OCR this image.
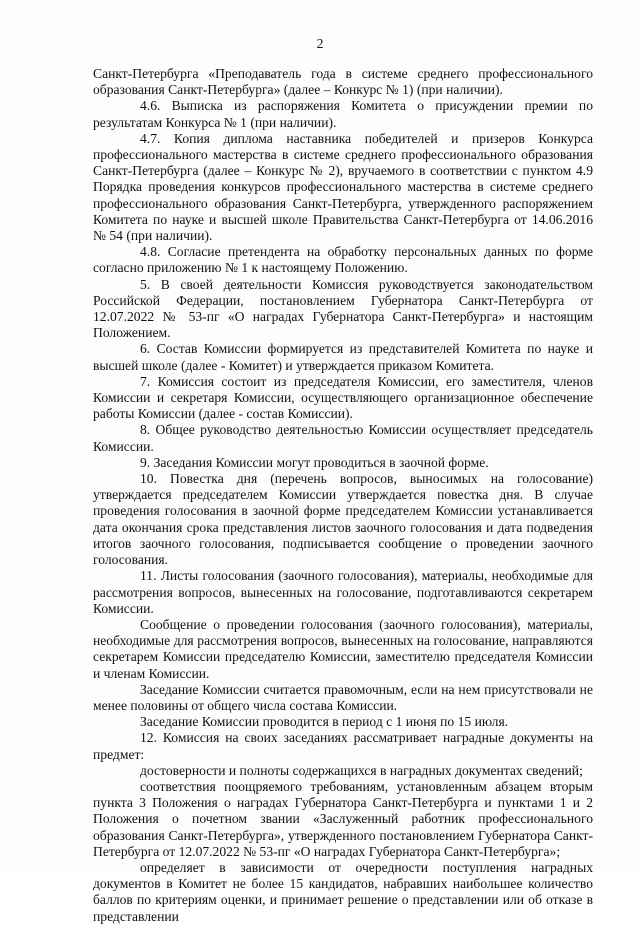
2

Санкт-Петербурга «Преподаватель года в системе среднего профессионального образования Санкт-Петербурга» (далее – Конкурс № 1) (при наличии).

4.6. Выписка из распоряжения Комитета о присуждении премии по результатам Конкурса № 1 (при наличии).

4.7. Копия диплома наставника победителей и призеров Конкурса профессионального мастерства в системе среднего профессионального образования Санкт-Петербурга (далее – Конкурс № 2), вручаемого в соответствии с пунктом 4.9 Порядка проведения конкурсов профессионального мастерства в системе среднего профессионального образования Санкт-Петербурга, утвержденного распоряжением Комитета по науке и высшей школе Правительства Санкт-Петербурга от 14.06.2016 № 54 (при наличии).

4.8. Согласие претендента на обработку персональных данных по форме согласно приложению № 1 к настоящему Положению.

5. В своей деятельности Комиссия руководствуется законодательством Российской Федерации, постановлением Губернатора Санкт-Петербурга от 12.07.2022 № 53-пг «О наградах Губернатора Санкт-Петербурга» и настоящим Положением.

6. Состав Комиссии формируется из представителей Комитета по науке и высшей школе (далее - Комитет) и утверждается приказом Комитета.

7. Комиссия состоит из председателя Комиссии, его заместителя, членов Комиссии и секретаря Комиссии, осуществляющего организационное обеспечение работы Комиссии (далее - состав Комиссии).

8. Общее руководство деятельностью Комиссии осуществляет председатель Комиссии.

9. Заседания Комиссии могут проводиться в заочной форме.

10. Повестка дня (перечень вопросов, выносимых на голосование) утверждается председателем Комиссии утверждается повестка дня. В случае проведения голосования в заочной форме председателем Комиссии устанавливается дата окончания срока представления листов заочного голосования и дата подведения итогов заочного голосования, подписывается сообщение о проведении заочного голосования.

11. Листы голосования (заочного голосования), материалы, необходимые для рассмотрения вопросов, вынесенных на голосование, подготавливаются секретарем Комиссии.

Сообщение о проведении голосования (заочного голосования), материалы, необходимые для рассмотрения вопросов, вынесенных на голосование, направляются секретарем Комиссии председателю Комиссии, заместителю председателя Комиссии и членам Комиссии.

Заседание Комиссии считается правомочным, если на нем присутствовали не менее половины от общего числа состава Комиссии.

Заседание Комиссии проводится в период с 1 июня по 15 июля.

12. Комиссия на своих заседаниях рассматривает наградные документы на предмет:

достоверности и полноты содержащихся в наградных документах сведений;

соответствия поощряемого требованиям, установленным абзацем вторым пункта 3 Положения о наградах Губернатора Санкт-Петербурга и пунктами 1 и 2 Положения о почетном звании «Заслуженный работник профессионального образования Санкт-Петербурга», утвержденного постановлением Губернатора Санкт-Петербурга от 12.07.2022 № 53-пг «О наградах Губернатора Санкт-Петербурга»;

определяет в зависимости от очередности поступления наградных документов в Комитет не более 15 кандидатов, набравших наибольшее количество баллов по критериям оценки, и принимает решение о представлении или об отказе в представлении
